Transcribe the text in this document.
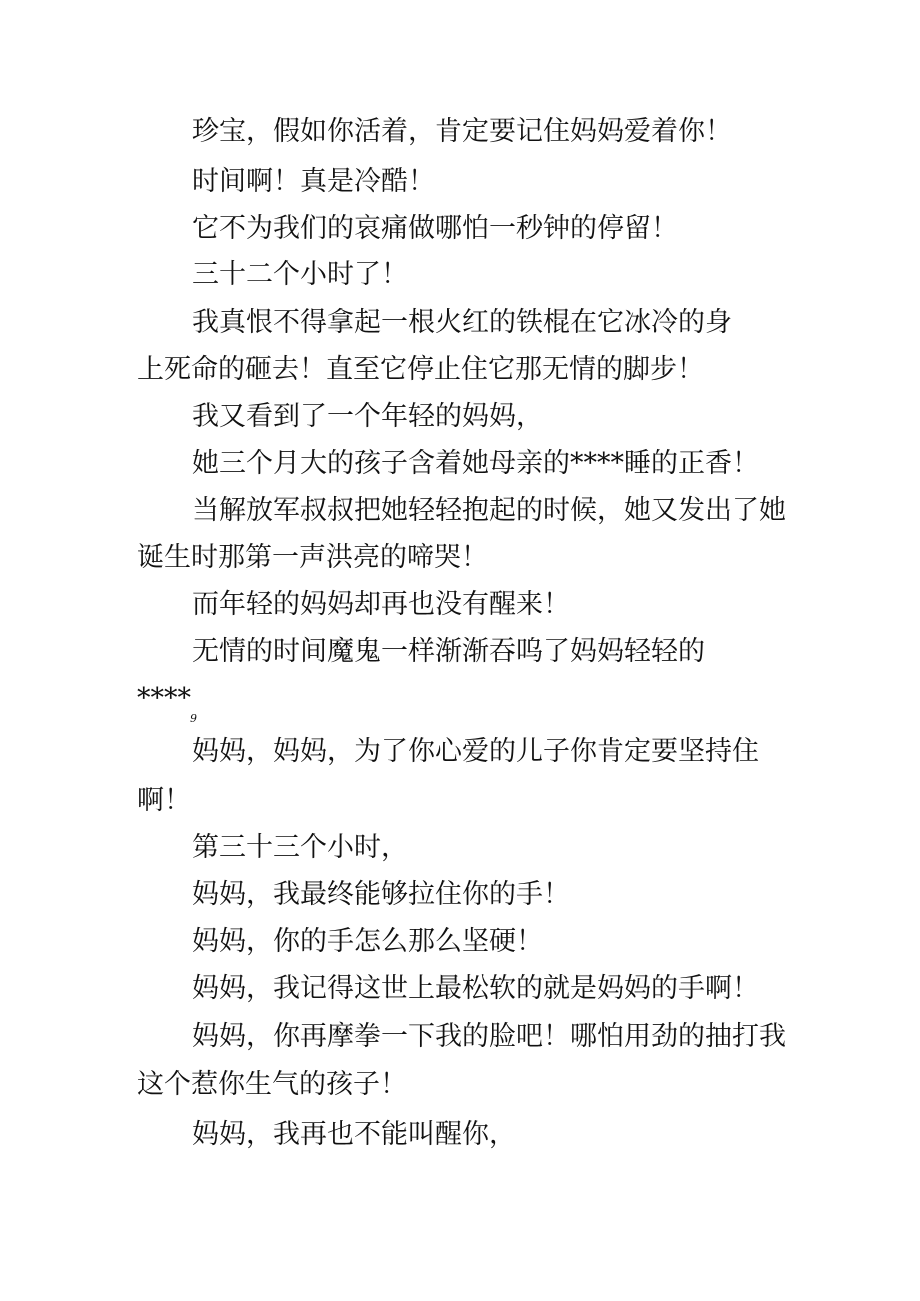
珍宝，假如你活着，肯定要记住妈妈爱着你！
时间啊！真是冷酷！
它不为我们的哀痛做哪怕一秒钟的停留！
三十二个小时了！
我真恨不得拿起一根火红的铁棍在它冰冷的身
上死命的砸去！直至它停止住它那无情的脚步！
我又看到了一个年轻的妈妈，
她三个月大的孩子含着她母亲的****睡的正香！
当解放军叔叔把她轻轻抱起的时候，她又发出了她
诞生时那第一声洪亮的啼哭！
而年轻的妈妈却再也没有醒来！
无情的时间魔鬼一样渐渐吞呜了妈妈轻轻的
****
9
妈妈，妈妈，为了你心爱的儿子你肯定要坚持住
啊！
第三十三个小时，
妈妈，我最终能够拉住你的手！
妈妈，你的手怎么那么坚硬！
妈妈，我记得这世上最松软的就是妈妈的手啊！
妈妈，你再摩拳一下我的脸吧！哪怕用劲的抽打我
这个惹你生气的孩子！
妈妈，我再也不能叫醒你，
